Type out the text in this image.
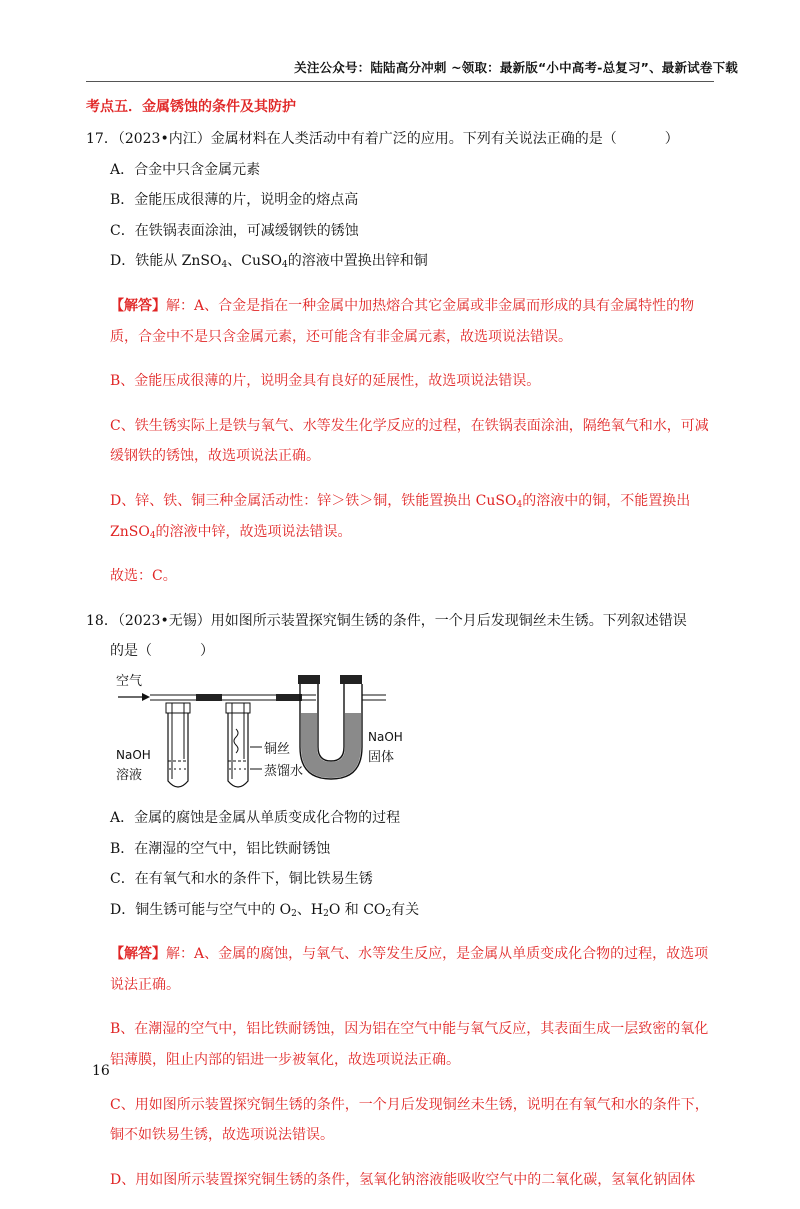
关注公众号：陆陆高分冲刺 ~领取：最新版“小中高考-总复习”、最新试卷下载
考点五．金属锈蚀的条件及其防护

17．（2023•内江）金属材料在人类活动中有着广泛的应用。下列有关说法正确的是（	）

A．合金中只含金属元素

B．金能压成很薄的片，说明金的熔点高

C．在铁锅表面涂油，可减缓钢铁的锈蚀

D．铁能从 ZnSO$_4$、CuSO$_4$的溶液中置换出锌和铜

【解答】解：A、合金是指在一种金属中加热熔合其它金属或非金属而形成的具有金属特性的物质，合金中不是只含金属元素，还可能含有非金属元素，故选项说法错误。

B、金能压成很薄的片，说明金具有良好的延展性，故选项说法错误。

C、铁生锈实际上是铁与氧气、水等发生化学反应的过程，在铁锅表面涂油，隔绝氧气和水，可减缓钢铁的锈蚀，故选项说法正确。

D、锌、铁、铜三种金属活动性：锌＞铁＞铜，铁能置换出 CuSO$_4$的溶液中的铜，不能置换出 ZnSO$_4$的溶液中锌，故选项说法错误。

故选：C。

18．（2023•无锡）用如图所示装置探究铜生锈的条件，一个月后发现铜丝未生锈。下列叙述错误

的是（	）

空气
NaOH
溶液
铜丝
蒸馏水
NaOH
固体

A．金属的腐蚀是金属从单质变成化合物的过程

B．在潮湿的空气中，铝比铁耐锈蚀

C．在有氧气和水的条件下，铜比铁易生锈

D．铜生锈可能与空气中的 $O_2$、$H_2O$ 和 $CO_2$有关

【解答】解：A、金属的腐蚀，与氧气、水等发生反应，是金属从单质变成化合物的过程，故选项说法正确。

B、在潮湿的空气中，铝比铁耐锈蚀，因为铝在空气中能与氧气反应，其表面生成一层致密的氧化铝薄膜，阻止内部的铝进一步被氧化，故选项说法正确。

C、用如图所示装置探究铜生锈的条件，一个月后发现铜丝未生锈，说明在有氧气和水的条件下，铜不如铁易生锈，故选项说法错误。

D、用如图所示装置探究铜生锈的条件，氢氧化钠溶液能吸收空气中的二氧化碳，氢氧化钠固体

16
